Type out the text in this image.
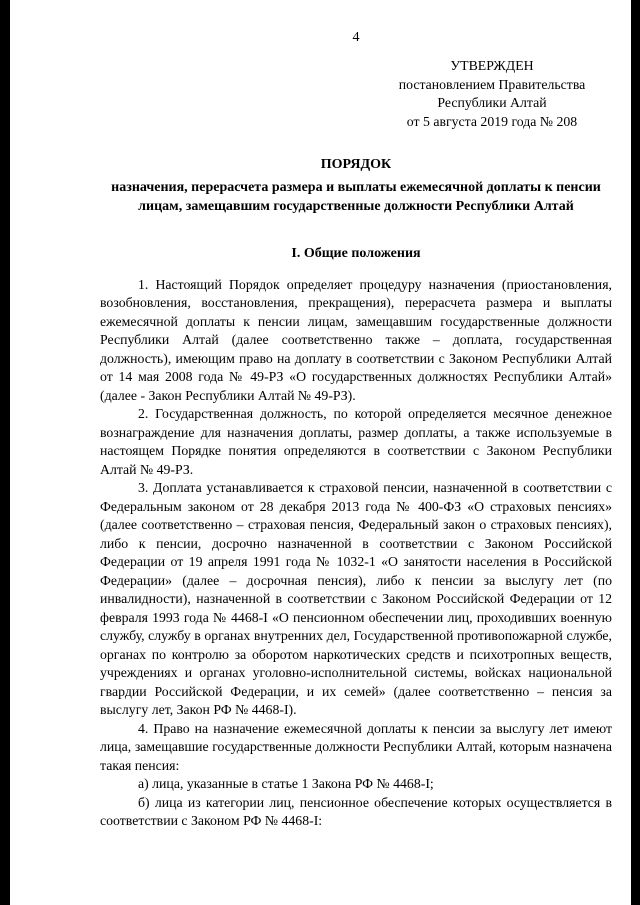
4

УТВЕРЖДЕН

постановлением Правительства

Республики Алтай

от 5 августа 2019 года № 208

ПОРЯДОК

назначения, перерасчета размера и выплаты ежемесячной доплаты к пенсии лицам, замещавшим государственные должности Республики Алтай

I. Общие положения

1. Настоящий Порядок определяет процедуру назначения (приостановления, возобновления, восстановления, прекращения), перерасчета размера и выплаты ежемесячной доплаты к пенсии лицам, замещавшим государственные должности Республики Алтай (далее соответственно также – доплата, государственная должность), имеющим право на доплату в соответствии с Законом Республики Алтай от 14 мая 2008 года № 49-РЗ «О государственных должностях Республики Алтай» (далее - Закон Республики Алтай № 49-РЗ).

2. Государственная должность, по которой определяется месячное денежное вознаграждение для назначения доплаты, размер доплаты, а также используемые в настоящем Порядке понятия определяются в соответствии с Законом Республики Алтай № 49-РЗ.

3. Доплата устанавливается к страховой пенсии, назначенной в соответствии с Федеральным законом от 28 декабря 2013 года № 400-ФЗ «О страховых пенсиях» (далее соответственно – страховая пенсия, Федеральный закон о страховых пенсиях), либо к пенсии, досрочно назначенной в соответствии с Законом Российской Федерации от 19 апреля 1991 года № 1032-1 «О занятости населения в Российской Федерации» (далее – досрочная пенсия), либо к пенсии за выслугу лет (по инвалидности), назначенной в соответствии с Законом Российской Федерации от 12 февраля 1993 года № 4468-I «О пенсионном обеспечении лиц, проходивших военную службу, службу в органах внутренних дел, Государственной противопожарной службе, органах по контролю за оборотом наркотических средств и психотропных веществ, учреждениях и органах уголовно-исполнительной системы, войсках национальной гвардии Российской Федерации, и их семей» (далее соответственно – пенсия за выслугу лет, Закон РФ № 4468-I).

4. Право на назначение ежемесячной доплаты к пенсии за выслугу лет имеют лица, замещавшие государственные должности Республики Алтай, которым назначена такая пенсия:

а) лица, указанные в статье 1 Закона РФ № 4468-I;

б) лица из категории лиц, пенсионное обеспечение которых осуществляется в соответствии с Законом РФ № 4468-I:
